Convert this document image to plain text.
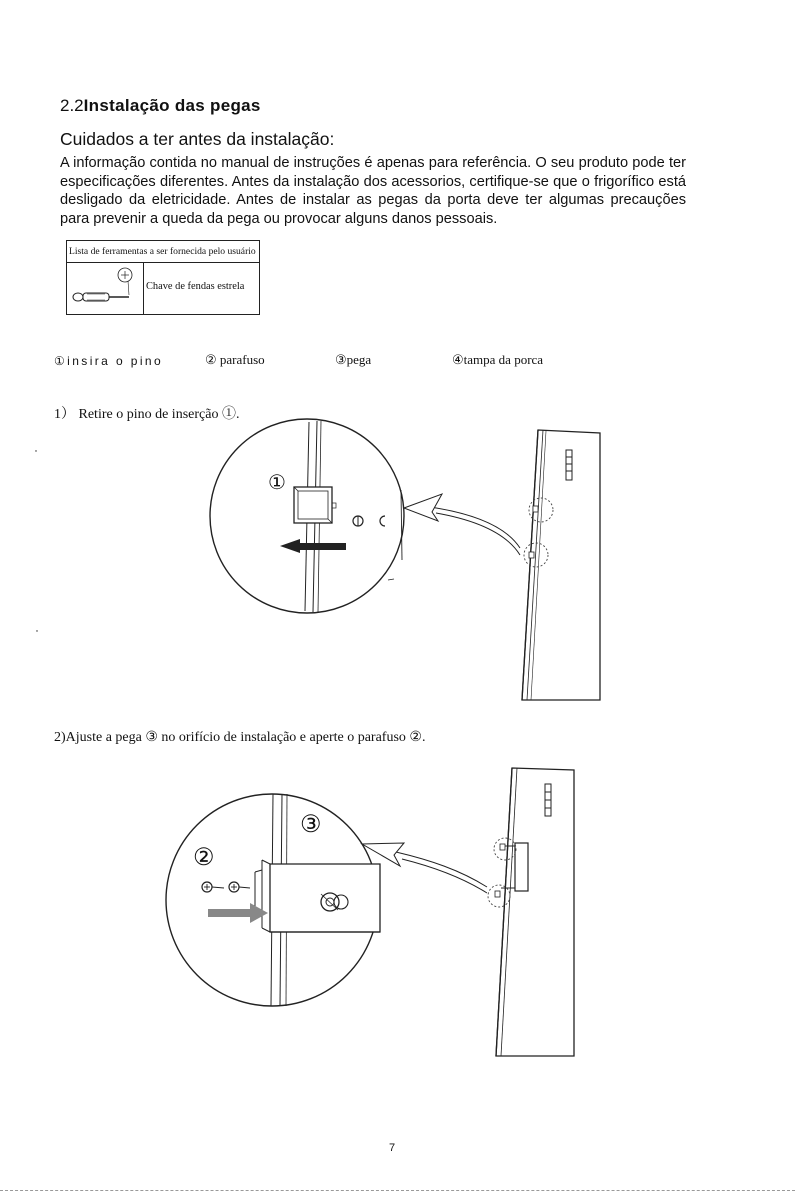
2.2Instalação das pegas
Cuidados a ter antes da instalação:
A informação contida no manual de instruções é apenas para referência. O seu produto pode ter especificações diferentes. Antes da instalação dos acessorios, certifique-se que o frigorífico está desligado da eletricidade. Antes de instalar as pegas da porta deve ter algumas precauções para prevenir a queda da pega ou provocar alguns danos pessoais.
Lista de ferramentas a ser fornecida pelo usuário
Chave de fendas estrela
①insira o pino	② parafuso	③pega	④tampa da porca
1） Retire o pino de inserção ①.
①
2)Ajuste a pega ③ no orifício de instalação e aperte o parafuso ②.
②
③
7
